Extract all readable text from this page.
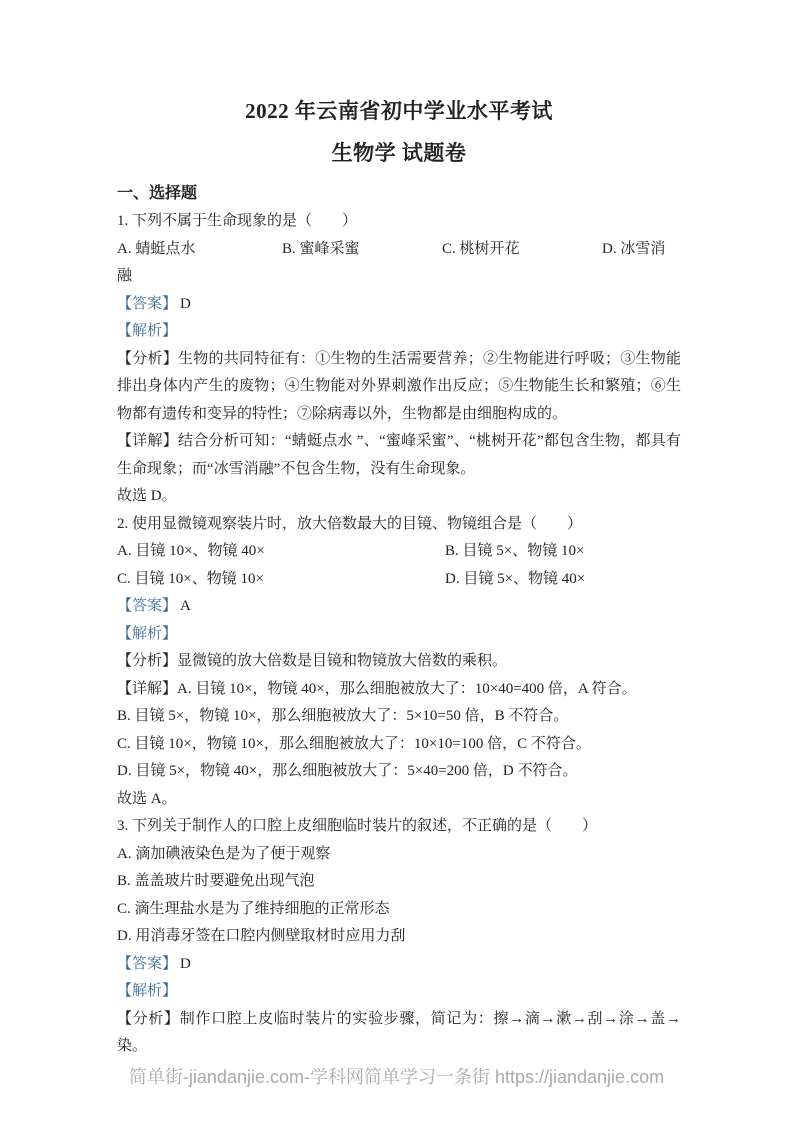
2022 年云南省初中学业水平考试
生物学 试题卷
一、选择题

1. 下列不属于生命现象的是（　　）

A. 蜻蜓点水	B. 蜜峰采蜜	C. 桃树开花	D. 冰雪消

融

【答案】 D

【解析】

【分析】生物的共同特征有：①生物的生活需要营养；②生物能进行呼吸；③生物能排出身体内产生的废物；④生物能对外界刺激作出反应；⑤生物能生长和繁殖；⑥生物都有遗传和变异的特性；⑦除病毒以外，生物都是由细胞构成的。

【详解】结合分析可知：“蜻蜓点水 ”、“蜜峰采蜜”、“桃树开花”都包含生物，都具有生命现象；而“冰雪消融”不包含生物，没有生命现象。

故选 D。

2. 使用显微镜观察装片时，放大倍数最大的目镜、物镜组合是（　　）

A. 目镜 10×、物镜 40×	B. 目镜 5×、物镜 10×
C. 目镜 10×、物镜 10×	D. 目镜 5×、物镜 40×

【答案】 A

【解析】

【分析】显微镜的放大倍数是目镜和物镜放大倍数的乘积。

【详解】A. 目镜 10×，物镜 40×，那么细胞被放大了：10×40=400 倍，A 符合。

B. 目镜 5×，物镜 10×，那么细胞被放大了：5×10=50 倍，B 不符合。

C. 目镜 10×，物镜 10×，那么细胞被放大了：10×10=100 倍，C 不符合。

D. 目镜 5×，物镜 40×，那么细胞被放大了：5×40=200 倍，D 不符合。

故选 A。

3. 下列关于制作人的口腔上皮细胞临时装片的叙述，不正确的是（　　）

A. 滴加碘液染色是为了便于观察

B. 盖盖玻片时要避免出现气泡

C. 滴生理盐水是为了维持细胞的正常形态

D. 用消毒牙签在口腔内侧壁取材时应用力刮

【答案】 D

【解析】

【分析】制作口腔上皮临时装片的实验步骤，简记为：擦→滴→漱→刮→涂→盖→染。

简单街-jiandanjie.com-学科网简单学习一条街 https://jiandanjie.com
